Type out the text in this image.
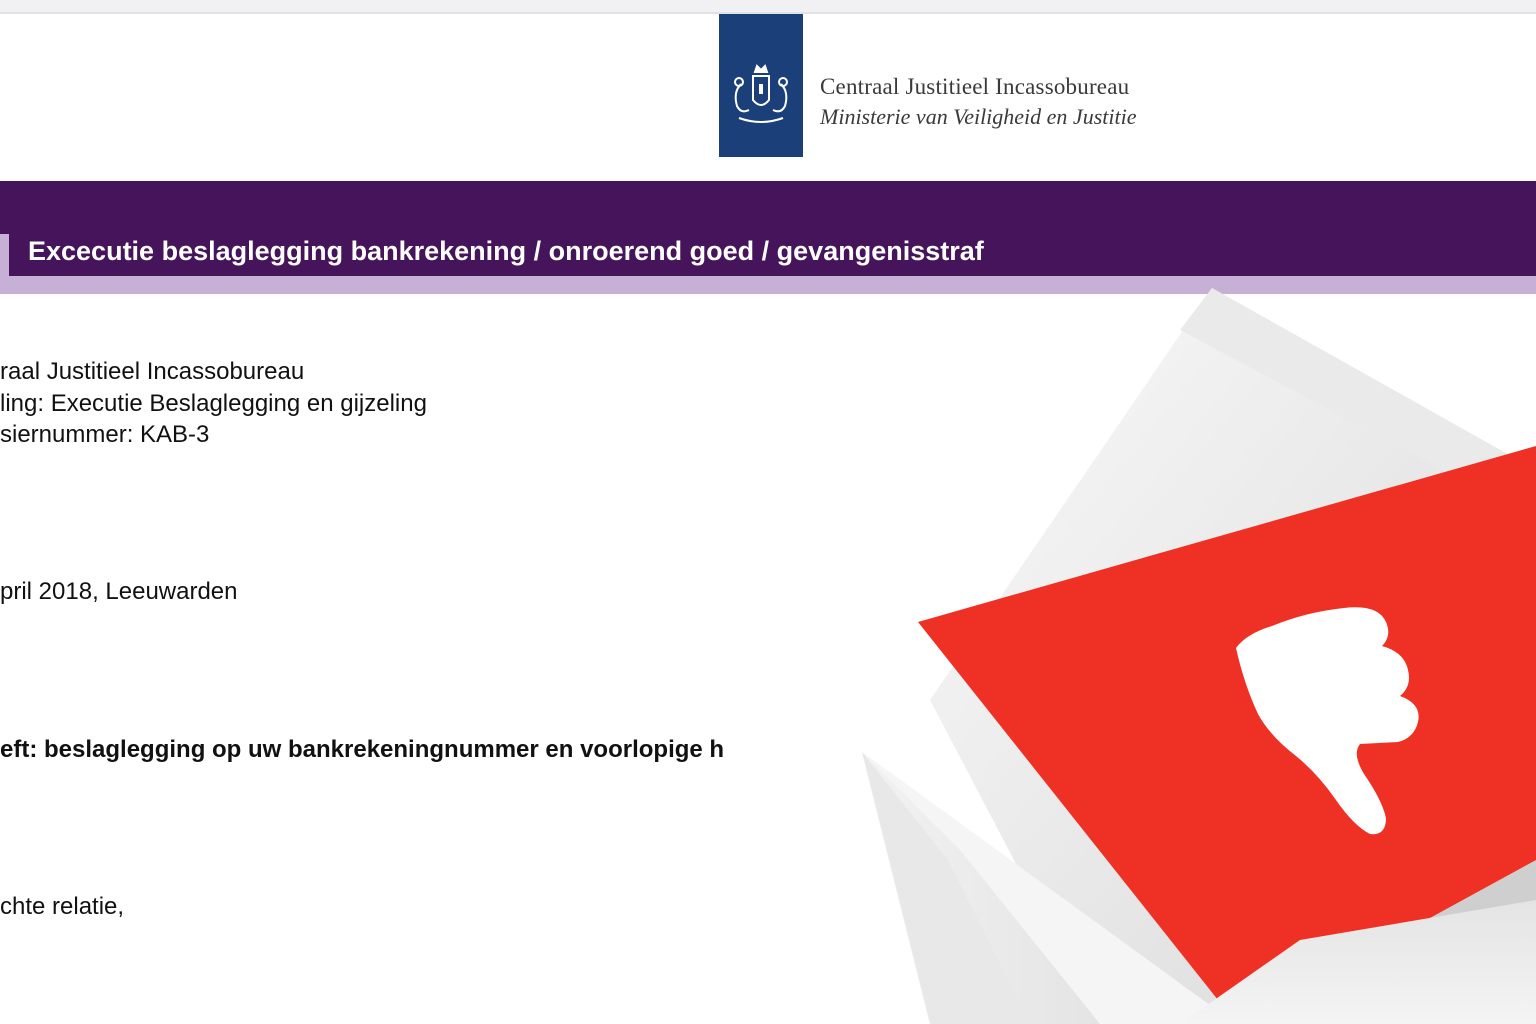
Centraal Justitieel Incassobureau
Ministerie van Veiligheid en Justitie
Excecutie beslaglegging bankrekening / onroerend goed / gevangenisstraf
raal Justitieel Incassobureau
ling: Executie Beslaglegging en gijzeling
siernummer: KAB-3
pril 2018, Leeuwarden
eft: beslaglegging op uw bankrekeningnummer en voorlopige h
chte relatie,
